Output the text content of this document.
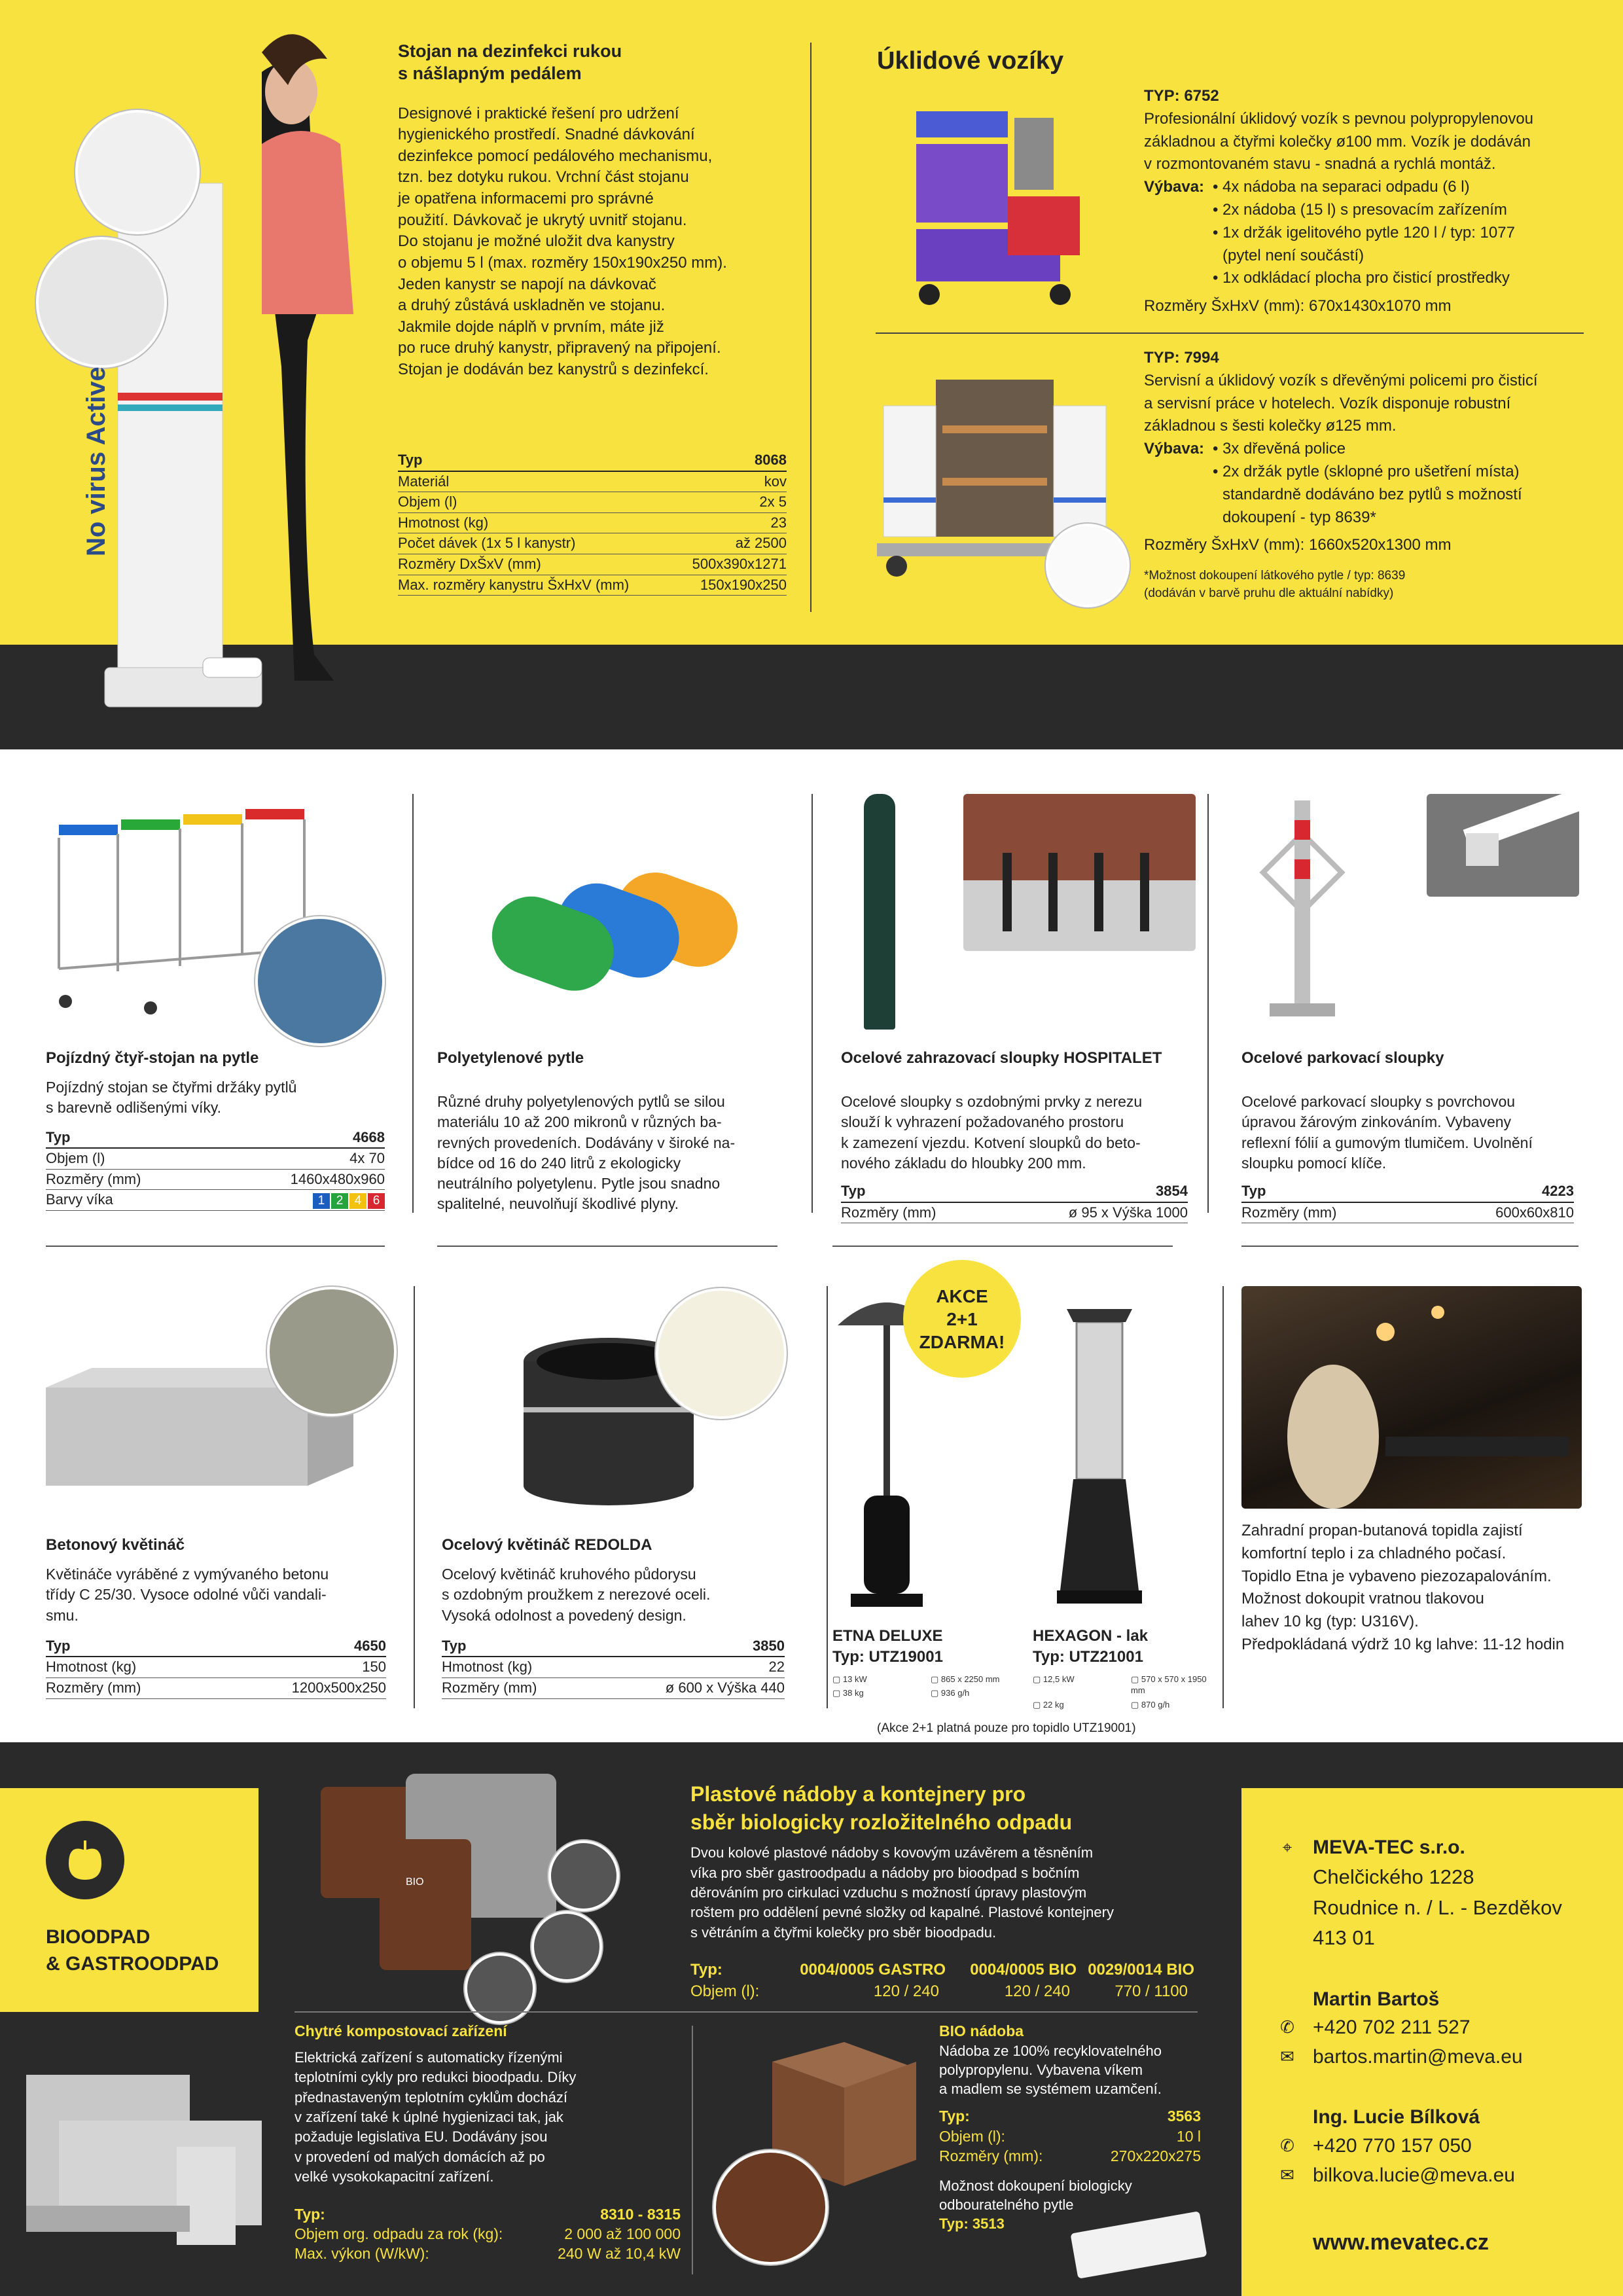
No virus Active
Stojan na dezinfekci rukou
s nášlapným pedálem
Designové i praktické řešení pro udržení
hygienického prostředí. Snadné dávkování
dezinfekce pomocí pedálového mechanismu,
tzn. bez dotyku rukou. Vrchní část stojanu
je opatřena informacemi pro správné
použití. Dávkovač je ukrytý uvnitř stojanu.
Do stojanu je možné uložit dva kanystry
o objemu 5 l (max. rozměry 150x190x250 mm).
Jeden kanystr se napojí na dávkovač
a druhý zůstává uskladněn ve stojanu.
Jakmile dojde náplň v prvním, máte již
po ruce druhý kanystr, připravený na připojení.
Stojan je dodáván bez kanystrů s dezinfekcí.
Typ	8068
Materiál	kov
Objem (l)	2x 5
Hmotnost (kg)	23
Počet dávek (1x 5 l kanystr)	až 2500
Rozměry DxŠxV (mm)	500x390x1271
Max. rozměry kanystru ŠxHxV (mm)	150x190x250
Úklidové vozíky
TYP: 6752
Profesionální úklidový vozík s pevnou polypropylenovou
základnou a čtyřmi kolečky ø100 mm. Vozík je dodáván
v rozmontovaném stavu - snadná a rychlá montáž.
Výbava:	• 4x nádoba na separaci odpadu (6 l)
• 2x nádoba (15 l) s presovacím zařízením
• 1x držák igelitového pytle 120 l / typ: 1077
(pytel není součástí)
• 1x odkládací plocha pro čisticí prostředky
Rozměry ŠxHxV (mm): 670x1430x1070 mm
TYP: 7994
Servisní a úklidový vozík s dřevěnými policemi pro čisticí
a servisní práce v hotelech. Vozík disponuje robustní
základnou s šesti kolečky ø125 mm.
Výbava:	• 3x dřevěná police
• 2x držák pytle (sklopné pro ušetření místa)
standardně dodáváno bez pytlů s možností
dokoupení - typ 8639*
Rozměry ŠxHxV (mm): 1660x520x1300 mm
*Možnost dokoupení látkového pytle / typ: 8639
(dodáván v barvě pruhu dle aktuální nabídky)
Pojízdný čtyř-stojan na pytle
Pojízdný stojan se čtyřmi držáky pytlů
s barevně odlišenými víky.
Typ	4668
Objem (l)	4x 70
Rozměry (mm)	1460x480x960
Barvy víka	1 2 4 6
Polyetylenové pytle
Různé druhy polyetylenových pytlů se silou
materiálu 10 až 200 mikronů v různých ba-
revných provedeních. Dodávány v široké na-
bídce od 16 do 240 litrů z ekologicky
neutrálního polyetylenu. Pytle jsou snadno
spalitelné, neuvolňují škodlivé plyny.
Ocelové zahrazovací sloupky HOSPITALET
Ocelové sloupky s ozdobnými prvky z nerezu
slouží k vyhrazení požadovaného prostoru
k zamezení vjezdu. Kotvení sloupků do beto-
nového základu do hloubky 200 mm.
Typ	3854
Rozměry (mm)	ø 95 x Výška 1000
Ocelové parkovací sloupky
Ocelové parkovací sloupky s povrchovou
úpravou žárovým zinkováním. Vybaveny
reflexní fólií a gumovým tlumičem. Uvolnění
sloupku pomocí klíče.
Typ	4223
Rozměry (mm)	600x60x810
Betonový květináč
Květináče vyráběné z vymývaného betonu
třídy C 25/30. Vysoce odolné vůči vandali-
smu.
Typ	4650
Hmotnost (kg)	150
Rozměry (mm)	1200x500x250
Ocelový květináč REDOLDA
Ocelový květináč kruhového půdorysu
s ozdobným proužkem z nerezové oceli.
Vysoká odolnost a povedený design.
Typ	3850
Hmotnost (kg)	22
Rozměry (mm)	ø 600 x Výška 440
AKCE
2+1
ZDARMA!
ETNA DELUXE
Typ: UTZ19001
▢ 13 kW	▢ 865 x 2250 mm
▢ 38 kg	▢ 936 g/h
HEXAGON - lak
Typ: UTZ21001
▢ 12,5 kW	▢ 570 x 570 x 1950 mm
▢ 22 kg	▢ 870 g/h
(Akce 2+1 platná pouze pro topidlo UTZ19001)
Zahradní propan-butanová topidla zajistí
komfortní teplo i za chladného počasí.
Topidlo Etna je vybaveno piezozapalováním.
Možnost dokoupit vratnou tlakovou
lahev 10 kg (typ: U316V).
Předpokládaná výdrž 10 kg lahve: 11-12 hodin
BIOODPAD
& GASTROODPAD
BIO
Plastové nádoby a kontejnery pro
sběr biologicky rozložitelného odpadu
Dvou kolové plastové nádoby s kovovým uzávěrem a těsněním
víka pro sběr gastroodpadu a nádoby pro bioodpad s bočním
děrováním pro cirkulaci vzduchu s možností úpravy plastovým
roštem pro oddělení pevné složky od kapalné. Plastové kontejnery
s větráním a čtyřmi kolečky pro sběr bioodpadu.
Typ:	0004/0005 GASTRO	0004/0005 BIO 0029/0014 BIO
Objem (l):	120 / 240	120 / 240	770 / 1100
Chytré kompostovací zařízení
Elektrická zařízení s automaticky řízenými
teplotními cykly pro redukci bioodpadu. Díky
přednastaveným teplotním cyklům dochází
v zařízení také k úplné hygienizaci tak, jak
požaduje legislativa EU. Dodávány jsou
v provedení od malých domácích až po
velké vysokokapacitní zařízení.
Typ:	8310 - 8315
Objem org. odpadu za rok (kg):	2 000 až 100 000
Max. výkon (W/kW):	240 W až 10,4 kW
BIO nádoba
Nádoba ze 100% recyklovatelného
polypropylenu. Vybavena víkem
a madlem se systémem uzamčení.
Typ:	3563
Objem (l):	10 l
Rozměry (mm):	270x220x275
Možnost dokoupení biologicky
odbouratelného pytle
Typ: 3513
⌖ MEVA-TEC s.r.o.
Chelčického 1228
Roudnice n. / L. - Bezděkov
413 01
Martin Bartoš
✆ +420 702 211 527
✉ bartos.martin@meva.eu
Ing. Lucie Bílková
✆ +420 770 157 050
✉ bilkova.lucie@meva.eu
www.mevatec.cz
